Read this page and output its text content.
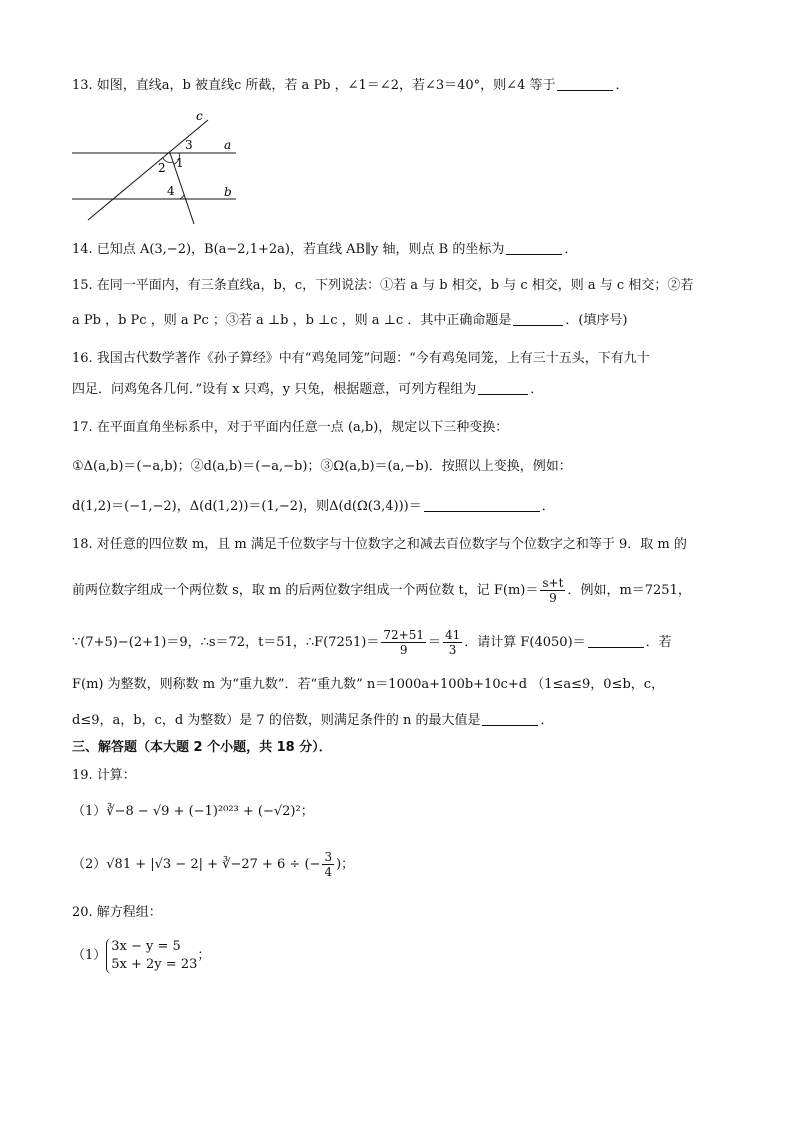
13. 如图，直线a，b 被直线c 所截，若 a Pb ，∠1＝∠2，若∠3＝40°，则∠4 等于	．
c
a
b
3
1
2
4
14. 已知点 A(3,−2)，B(a−2,1+2a)，若直线 AB∥y 轴，则点 B 的坐标为	．
15. 在同一平面内，有三条直线a，b，c，下列说法：①若 a 与 b 相交，b 与 c 相交，则 a 与 c 相交；②若
a Pb ，b Pc ，则 a Pc ；③若 a ⊥b ，b ⊥c ，则 a ⊥c ．其中正确命题是	．(填序号)
16. 我国古代数学著作《孙子算经》中有“鸡兔同笼”问题：“今有鸡兔同笼，上有三十五头，下有九十
四足．问鸡兔各几何．”设有 x 只鸡，y 只兔，根据题意，可列方程组为	．
17. 在平面直角坐标系中，对于平面内任意一点 (a,b)，规定以下三种变换：
①Δ(a,b)＝(−a,b)；②d(a,b)＝(−a,−b)；③Ω(a,b)＝(a,−b)．按照以上变换，例如：
d(1,2)＝(−1,−2)，Δ(d(1,2))＝(1,−2)，则Δ(d(Ω(3,4)))＝	．
18. 对任意的四位数 m，且 m 满足千位数字与十位数字之和减去百位数字与个位数字之和等于 9．取 m 的
前两位数字组成一个两位数 s，取 m 的后两位数字组成一个两位数 t，记 $F(m)= \frac{s+t}{9}$ ．例如，m＝7251，
∵(7+5)−(2+1)＝9，∴s＝72，t＝51，∴F(7251)＝ $\frac{72+51}{9} = \frac{41}{3}$ ．请计算 F(4050)＝	．若
F(m) 为整数，则称数 m 为“重九数”．若“重九数” n＝1000a+100b+10c+d （1≤a≤9，0≤b，c，
d≤9，a，b，c，d 为整数）是 7 的倍数，则满足条件的 n 的最大值是	．
三、解答题（本大题 2 个小题，共 18 分）．
19. 计算：
（1）∛−8 − √9 + (−1)²⁰²³ + (−√2)²；
（2）√81 + |√3 − 2| + ∛−27 + 6 ÷ (− $\frac{3}{4}$ )；
20. 解方程组：
（1）
3x − y = 5
5x + 2y = 23
；
